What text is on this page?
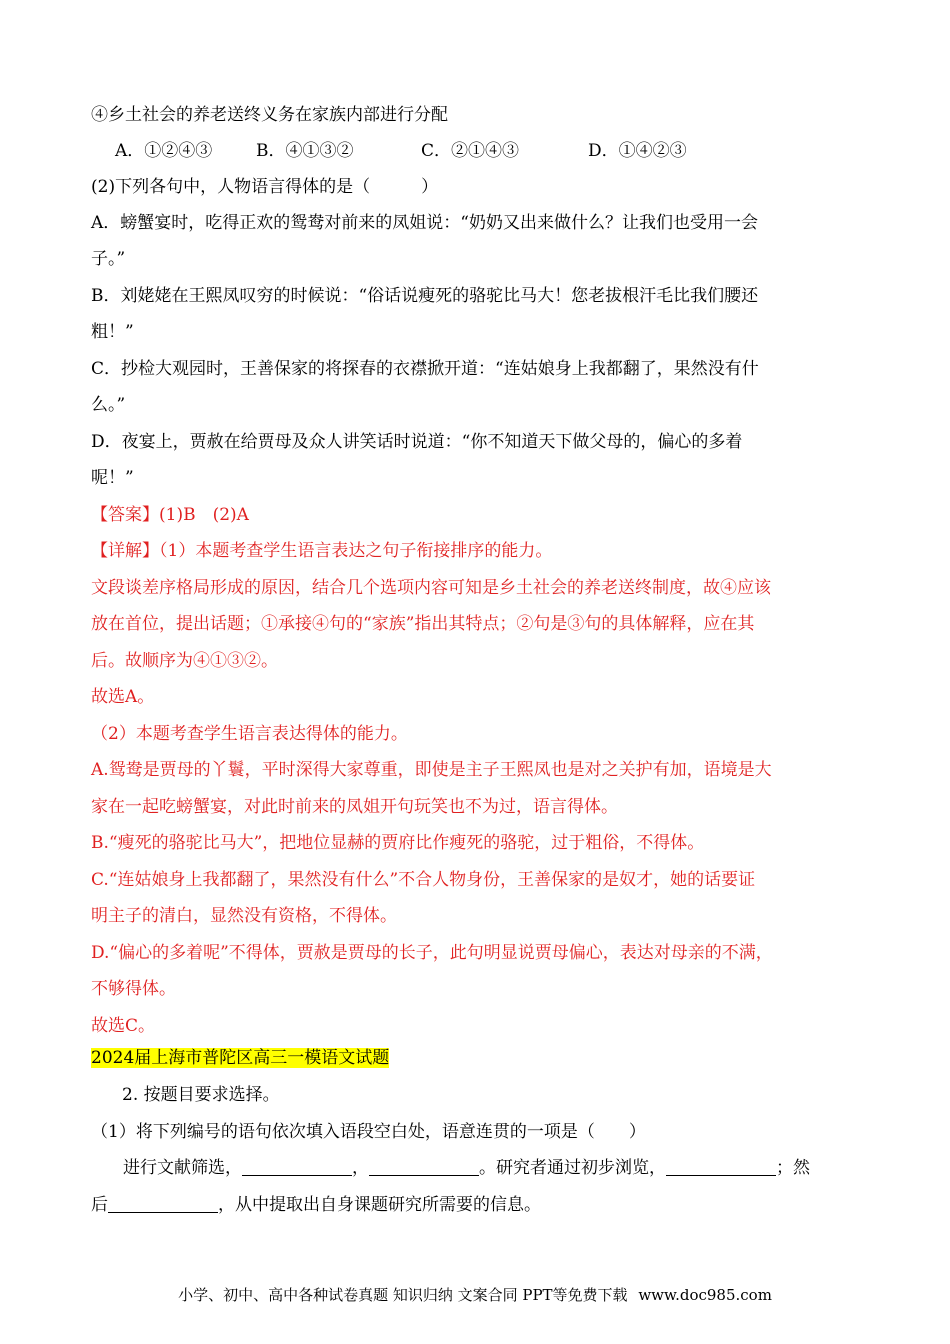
④乡土社会的养老送终义务在家族内部进行分配
A．①②④③	B．④①③②	C．②①④③	D．①④②③
(2)下列各句中，人物语言得体的是（　　　）
A．螃蟹宴时，吃得正欢的鸳鸯对前来的凤姐说：“奶奶又出来做什么？让我们也受用一会
子。”
B．刘姥姥在王熙凤叹穷的时候说：“俗话说瘦死的骆驼比马大！您老拔根汗毛比我们腰还
粗！”
C．抄检大观园时，王善保家的将探春的衣襟掀开道：“连姑娘身上我都翻了，果然没有什
么。”
D．夜宴上，贾赦在给贾母及众人讲笑话时说道：“你不知道天下做父母的，偏心的多着
呢！”
【答案】(1)B　(2)A
【详解】（1）本题考查学生语言表达之句子衔接排序的能力。
文段谈差序格局形成的原因，结合几个选项内容可知是乡土社会的养老送终制度，故④应该
放在首位，提出话题；①承接④句的“家族”指出其特点；②句是③句的具体解释，应在其
后。故顺序为④①③②。
故选A。
（2）本题考查学生语言表达得体的能力。
A.鸳鸯是贾母的丫鬟，平时深得大家尊重，即使是主子王熙凤也是对之关护有加，语境是大
家在一起吃螃蟹宴，对此时前来的凤姐开句玩笑也不为过，语言得体。
B.“瘦死的骆驼比马大”，把地位显赫的贾府比作瘦死的骆驼，过于粗俗，不得体。
C.“连姑娘身上我都翻了，果然没有什么”不合人物身份，王善保家的是奴才，她的话要证
明主子的清白，显然没有资格，不得体。
D.“偏心的多着呢”不得体，贾赦是贾母的长子，此句明显说贾母偏心，表达对母亲的不满，
不够得体。
故选C。
2024届上海市普陀区高三一模语文试题
2. 按题目要求选择。
（1）将下列编号的语句依次填入语段空白处，语意连贯的一项是（　　）
进行文献筛选，	，	。研究者通过初步浏览，	；然
后	，从中提取出自身课题研究所需要的信息。
小学、初中、高中各种试卷真题 知识归纳 文案合同 PPT等免费下载 www.doc985.com
